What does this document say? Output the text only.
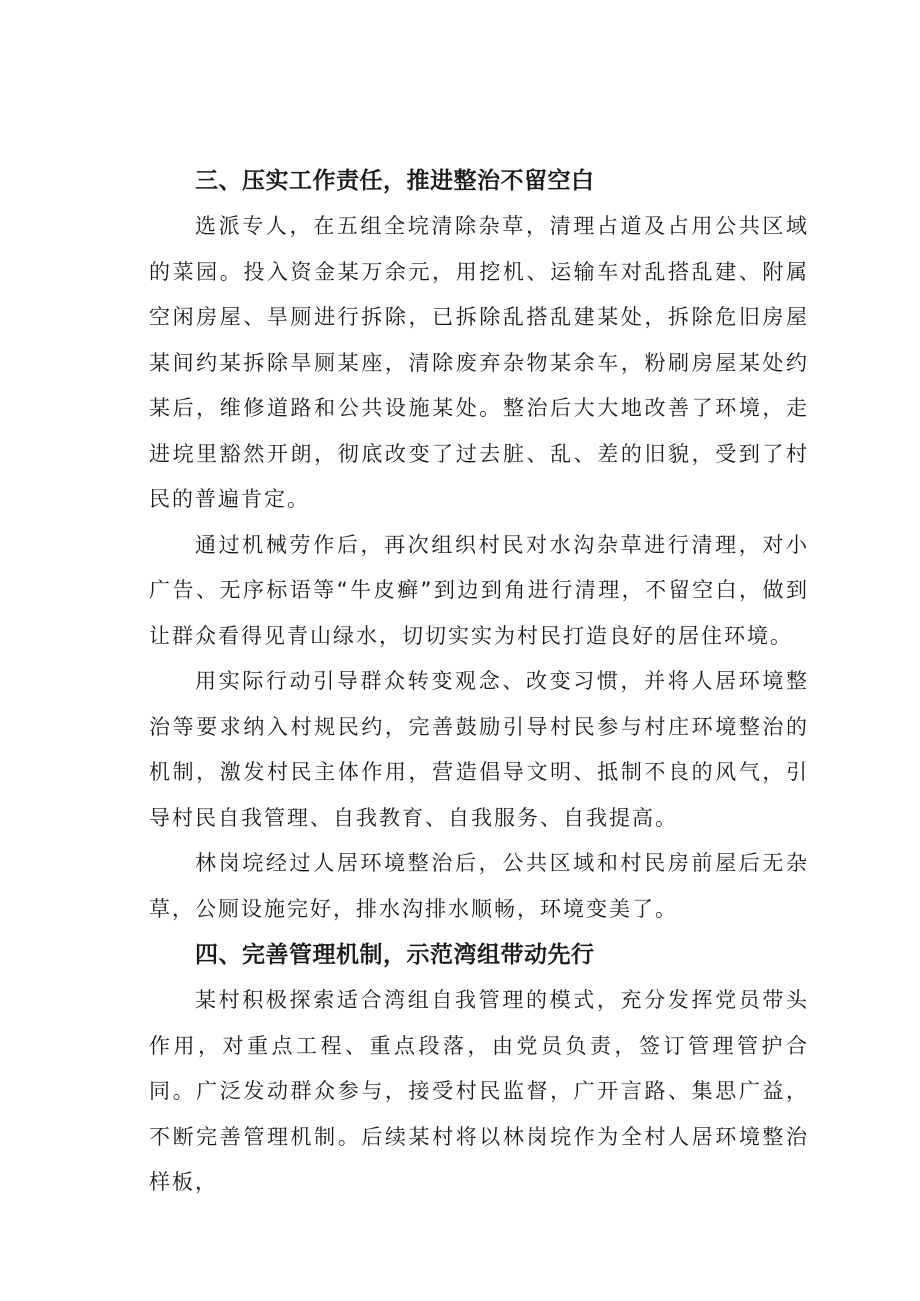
三、压实工作责任，推进整治不留空白

选派专人，在五组全垸清除杂草，清理占道及占用公共区域的菜园。投入资金某万余元，用挖机、运输车对乱搭乱建、附属空闲房屋、旱厕进行拆除，已拆除乱搭乱建某处，拆除危旧房屋某间约某拆除旱厕某座，清除废弃杂物某余车，粉刷房屋某处约某后，维修道路和公共设施某处。整治后大大地改善了环境，走进垸里豁然开朗，彻底改变了过去脏、乱、差的旧貌，受到了村民的普遍肯定。

通过机械劳作后，再次组织村民对水沟杂草进行清理，对小广告、无序标语等“牛皮癣”到边到角进行清理，不留空白，做到让群众看得见青山绿水，切切实实为村民打造良好的居住环境。

用实际行动引导群众转变观念、改变习惯，并将人居环境整治等要求纳入村规民约，完善鼓励引导村民参与村庄环境整治的机制，激发村民主体作用，营造倡导文明、抵制不良的风气，引导村民自我管理、自我教育、自我服务、自我提高。

林岗垸经过人居环境整治后，公共区域和村民房前屋后无杂草，公厕设施完好，排水沟排水顺畅，环境变美了。

四、完善管理机制，示范湾组带动先行

某村积极探索适合湾组自我管理的模式，充分发挥党员带头作用，对重点工程、重点段落，由党员负责，签订管理管护合同。广泛发动群众参与，接受村民监督，广开言路、集思广益，不断完善管理机制。后续某村将以林岗垸作为全村人居环境整治样板，
